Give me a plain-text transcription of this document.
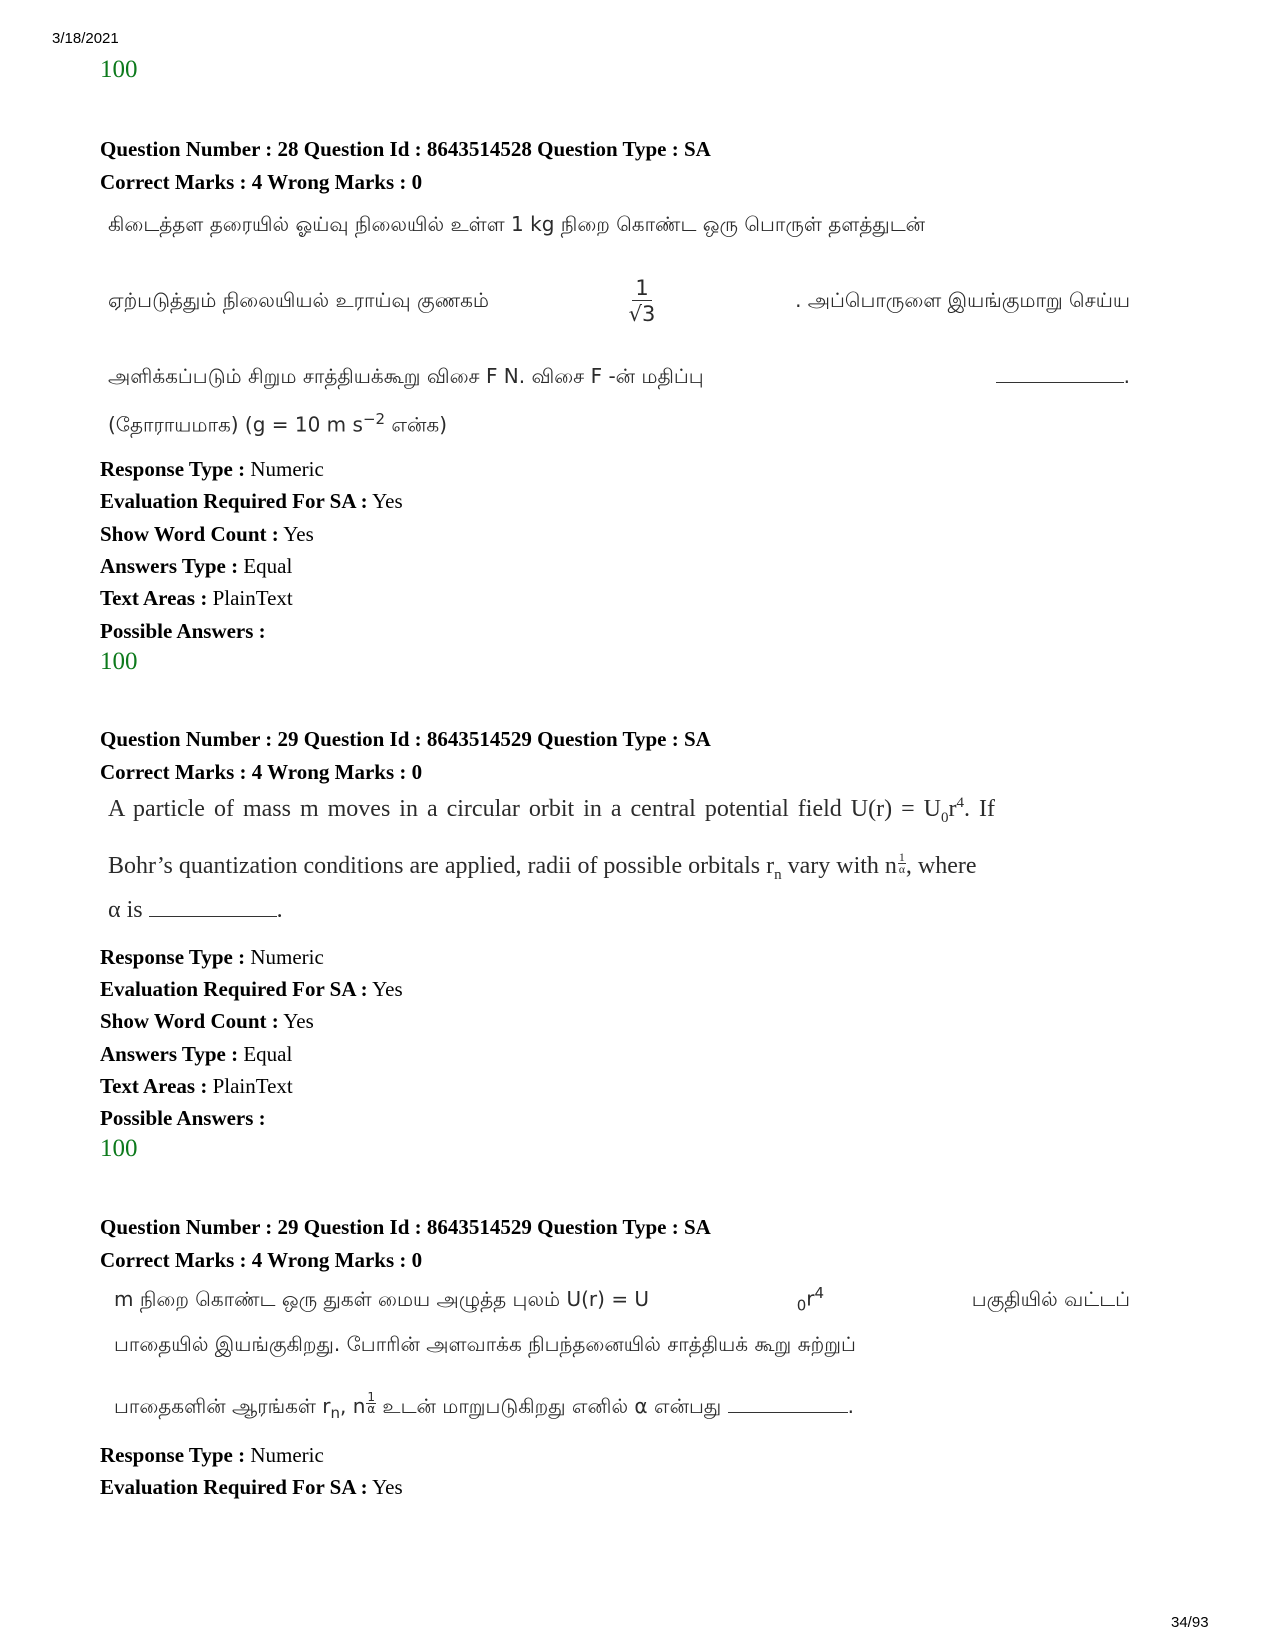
3/18/2021
100
Question Number : 28 Question Id : 8643514528 Question Type : SA
Correct Marks : 4 Wrong Marks : 0
கிடைத்தள தரையில் ஓய்வு நிலையில் உள்ள 1 kg நிறை கொண்ட ஒரு பொருள் தளத்துடன்
ஏற்படுத்தும் நிலையியல் உராய்வு குணகம்	$\frac{1}{√3}$	. அப்பொருளை இயங்குமாறு செய்ய
அளிக்கப்படும் சிறும சாத்தியக்கூறு விசை F N. விசை F -ன் மதிப்பு	.
(தோராயமாக) (g = 10 m $s^{-2}$ என்க)
Response Type : Numeric
Evaluation Required For SA : Yes
Show Word Count : Yes
Answers Type : Equal
Text Areas : PlainText
Possible Answers :
100
Question Number : 29 Question Id : 8643514529 Question Type : SA
Correct Marks : 4 Wrong Marks : 0
A particle of mass m moves in a circular orbit in a central potential field $U(r) = U_0r^4$. If
Bohr’s quantization conditions are applied, radii of possible orbitals $r_n$ vary with n $\frac{1}{\alpha}$ , where
α is	.
Response Type : Numeric
Evaluation Required For SA : Yes
Show Word Count : Yes
Answers Type : Equal
Text Areas : PlainText
Possible Answers :
100
Question Number : 29 Question Id : 8643514529 Question Type : SA
Correct Marks : 4 Wrong Marks : 0
m நிறை கொண்ட ஒரு துகள் மைய அழுத்த புலம் U(r) = U	$_0r^4$	பகுதியில் வட்டப்
பாதையில் இயங்குகிறது. போரின் அளவாக்க நிபந்தனையில் சாத்தியக் கூறு சுற்றுப்
பாதைகளின் ஆரங்கள் $r_n$, n $\frac{1}{\alpha}$ உடன் மாறுபடுகிறது எனில் α என்பது	.
Response Type : Numeric
Evaluation Required For SA : Yes
34/93
